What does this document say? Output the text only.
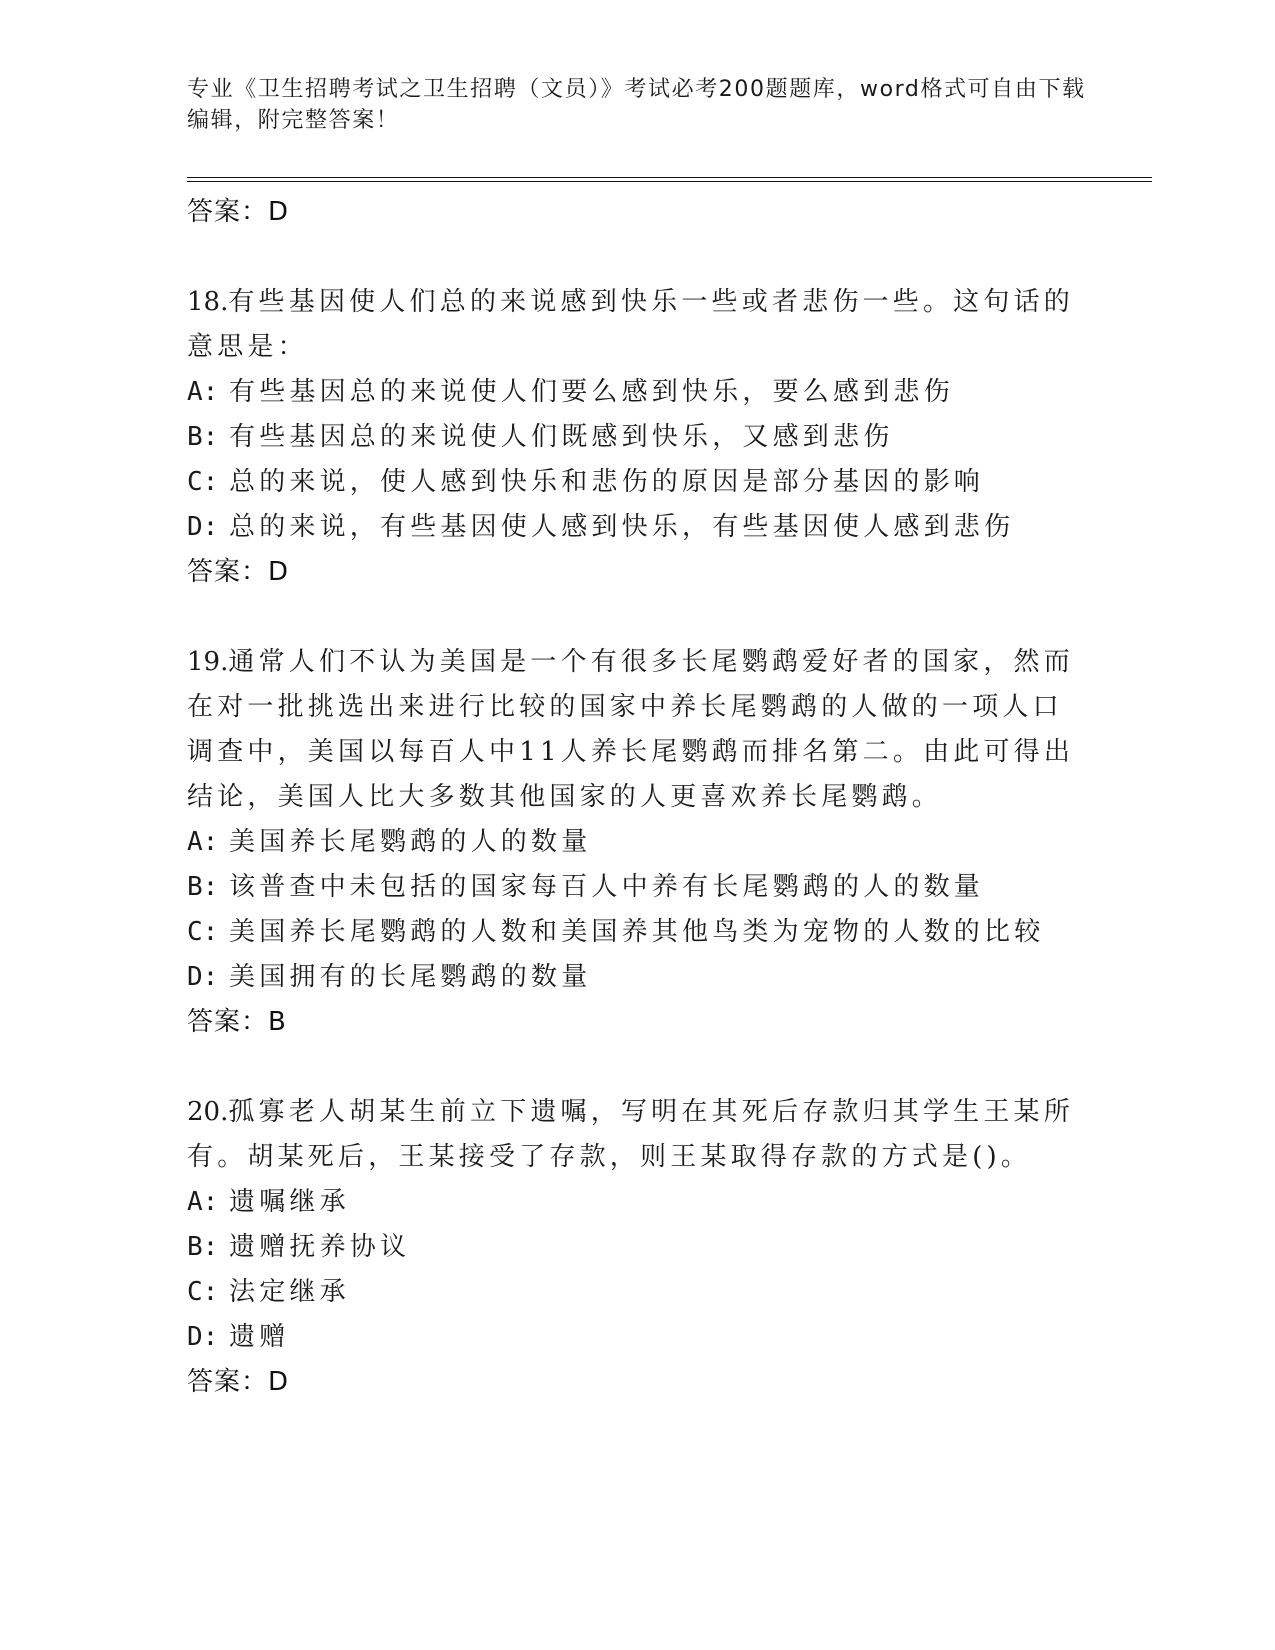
专业《卫生招聘考试之卫生招聘（文员）》考试必考200题题库，word格式可自由下载编辑，附完整答案！

答案：D

18.有些基因使人们总的来说感到快乐一些或者悲伤一些。这句话的意思是：

A: 有些基因总的来说使人们要么感到快乐，要么感到悲伤

B: 有些基因总的来说使人们既感到快乐，又感到悲伤

C: 总的来说，使人感到快乐和悲伤的原因是部分基因的影响

D: 总的来说，有些基因使人感到快乐，有些基因使人感到悲伤

答案：D

19.通常人们不认为美国是一个有很多长尾鹦鹉爱好者的国家，然而在对一批挑选出来进行比较的国家中养长尾鹦鹉的人做的一项人口调查中，美国以每百人中11人养长尾鹦鹉而排名第二。由此可得出结论，美国人比大多数其他国家的人更喜欢养长尾鹦鹉。

A: 美国养长尾鹦鹉的人的数量

B: 该普查中未包括的国家每百人中养有长尾鹦鹉的人的数量

C: 美国养长尾鹦鹉的人数和美国养其他鸟类为宠物的人数的比较

D: 美国拥有的长尾鹦鹉的数量

答案：B

20.孤寡老人胡某生前立下遗嘱，写明在其死后存款归其学生王某所有。胡某死后，王某接受了存款，则王某取得存款的方式是()。

A: 遗嘱继承

B: 遗赠抚养协议

C: 法定继承

D: 遗赠

答案：D
